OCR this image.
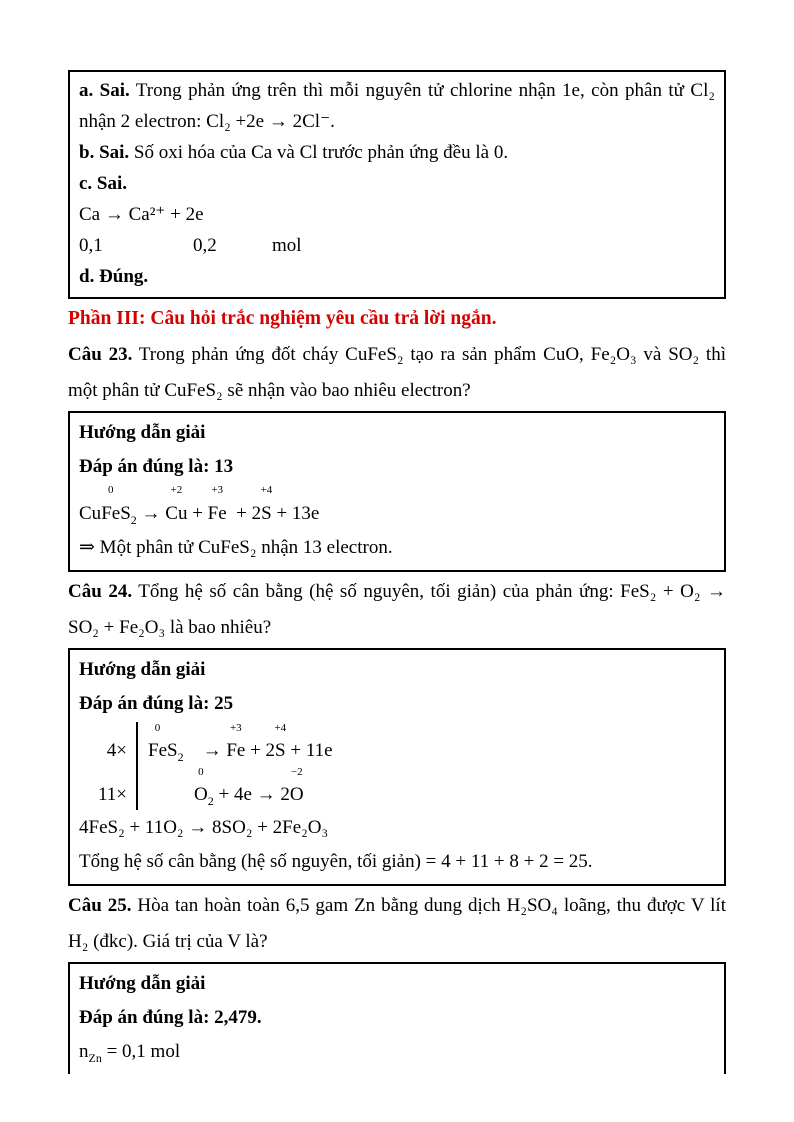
a. Sai. Trong phản ứng trên thì mỗi nguyên tử chlorine nhận 1e, còn phân tử Cl₂ nhận 2 electron: Cl₂ +2e → 2Cl⁻.

b. Sai. Số oxi hóa của Ca và Cl trước phản ứng đều là 0.

c. Sai.

Ca → Ca²⁺ + 2e

0,1	0,2	mol

d. Đúng.

Phần III: Câu hỏi trắc nghiệm yêu cầu trả lời ngắn.

Câu 23. Trong phản ứng đốt cháy CuFeS₂ tạo ra sản phẩm CuO, Fe₂O₃ và SO₂ thì một phân tử CuFeS₂ sẽ nhận vào bao nhiêu electron?

Hướng dẫn giải

Đáp án đúng là: 13

Cu
0
FeS$_2$ →
+2
Cu +
+3
Fe  + 2
+4
S + 13e

⇒ Một phân tử CuFeS₂ nhận 13 electron.

Câu 24. Tổng hệ số cân bằng (hệ số nguyên, tối giản) của phản ứng: FeS₂ + O₂ → SO₂ + Fe₂O₃ là bao nhiêu?

Hướng dẫn giải

Đáp án đúng là: 25

4×
11×
0
FeS$_2$    →
+3
Fe + 2
+4
S + 11e
0
$O_2 + 4e \to 2$
−2
O

4FeS₂ + 11O₂ → 8SO₂ + 2Fe₂O₃

Tổng hệ số cân bằng (hệ số nguyên, tối giản) = 4 + 11 + 8 + 2 = 25.

Câu 25. Hòa tan hoàn toàn 6,5 gam Zn bằng dung dịch H₂SO₄ loãng, thu được V lít H₂ (đkc). Giá trị của V là?

Hướng dẫn giải

Đáp án đúng là: 2,479.

$n_{Zn} = 0,1$ mol
